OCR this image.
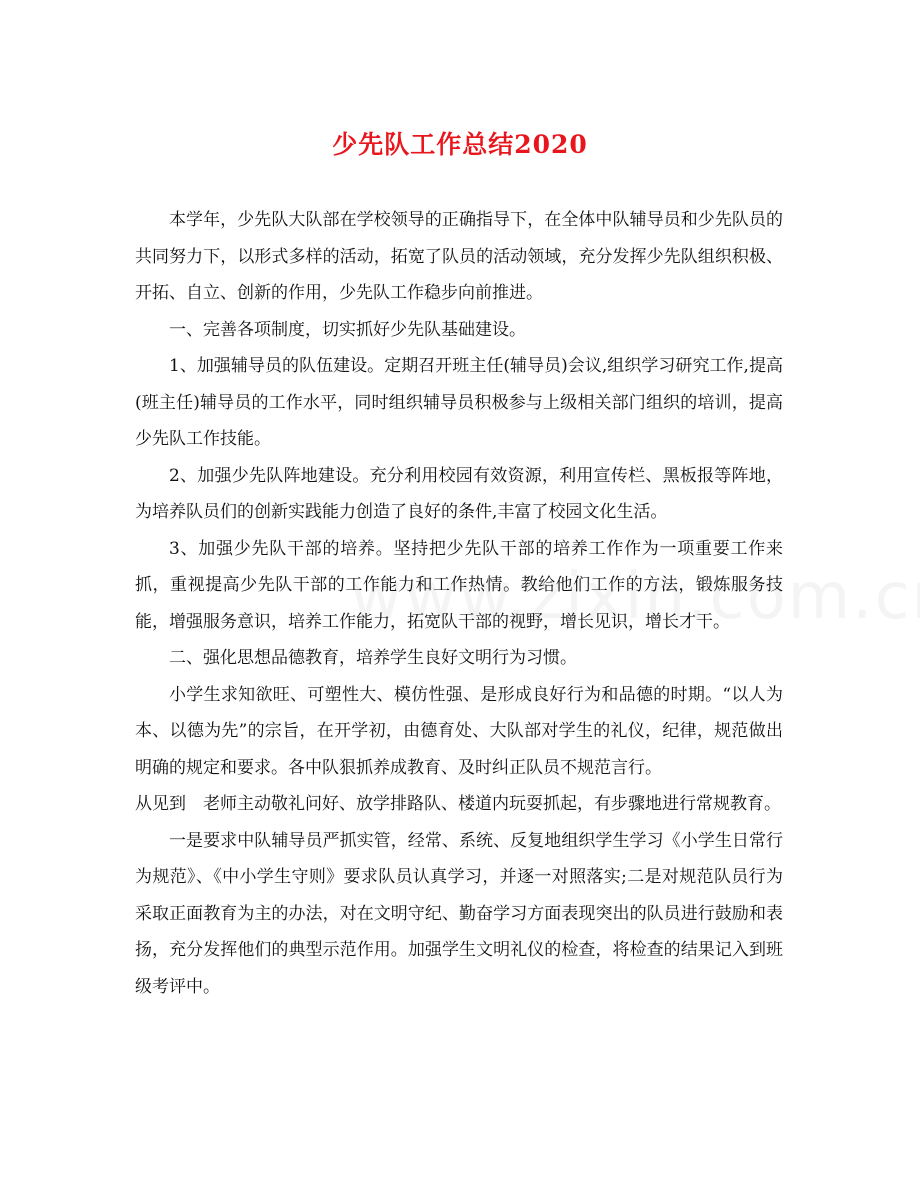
少先队工作总结2020

本学年，少先队大队部在学校领导的正确指导下，在全体中队辅导员和少先队员的共同努力下，以形式多样的活动，拓宽了队员的活动领域，充分发挥少先队组织积极、开拓、自立、创新的作用，少先队工作稳步向前推进。

一、完善各项制度，切实抓好少先队基础建设。

1、加强辅导员的队伍建设。定期召开班主任(辅导员)会议,组织学习研究工作,提高(班主任)辅导员的工作水平，同时组织辅导员积极参与上级相关部门组织的培训，提高少先队工作技能。

2、加强少先队阵地建设。充分利用校园有效资源，利用宣传栏、黑板报等阵地，为培养队员们的创新实践能力创造了良好的条件,丰富了校园文化生活。

3、加强少先队干部的培养。坚持把少先队干部的培养工作作为一项重要工作来抓，重视提高少先队干部的工作能力和工作热情。教给他们工作的方法，锻炼服务技能，增强服务意识，培养工作能力，拓宽队干部的视野，增长见识，增长才干。

二、强化思想品德教育，培养学生良好文明行为习惯。

小学生求知欲旺、可塑性大、模仿性强、是形成良好行为和品德的时期。“以人为本、以德为先”的宗旨，在开学初，由德育处、大队部对学生的礼仪，纪律，规范做出明确的规定和要求。各中队狠抓养成教育、及时纠正队员不规范言行。

从见到　老师主动敬礼问好、放学排路队、楼道内玩耍抓起，有步骤地进行常规教育。

一是要求中队辅导员严抓实管，经常、系统、反复地组织学生学习《小学生日常行为规范》、《中小学生守则》要求队员认真学习，并逐一对照落实;二是对规范队员行为采取正面教育为主的办法，对在文明守纪、勤奋学习方面表现突出的队员进行鼓励和表扬，充分发挥他们的典型示范作用。加强学生文明礼仪的检查，将检查的结果记入到班级考评中。
